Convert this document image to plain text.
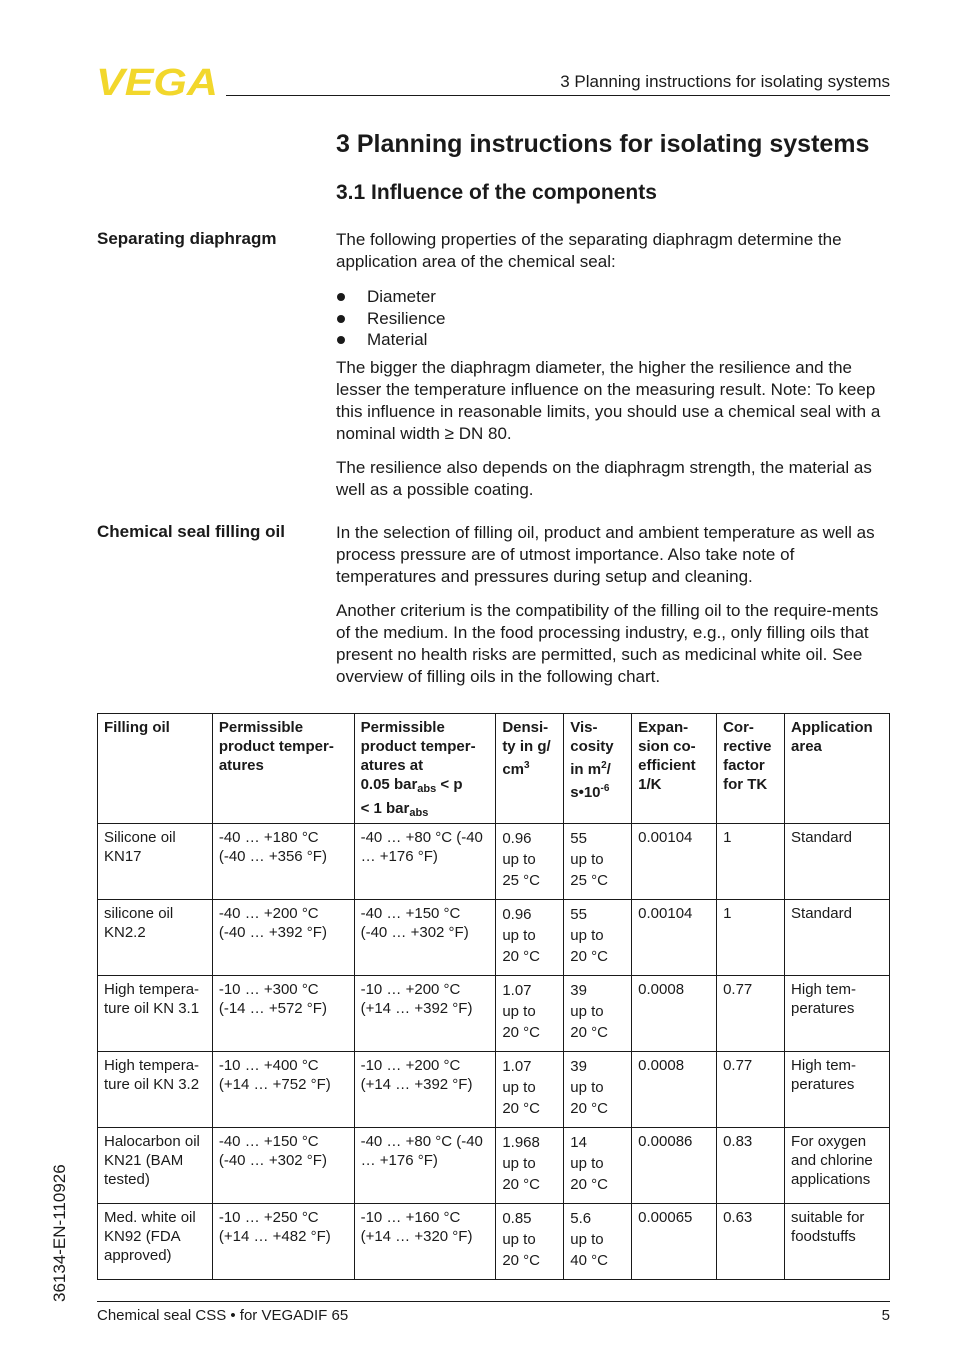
VEGA	3 Planning instructions for isolating systems
3 Planning instructions for isolating systems
3.1 Influence of the components
Separating diaphragm	The following properties of the separating diaphragm determine the application area of the chemical seal:

Diameter
Resilience
Material

The bigger the diaphragm diameter, the higher the resilience and the lesser the temperature influence on the measuring result. Note: To keep this influence in reasonable limits, you should use a chemical seal with a nominal width ≥ DN 80.

The resilience also depends on the diaphragm strength, the material as well as a possible coating.

Chemical seal filling oil	In the selection of filling oil, product and ambient temperature as well as process pressure are of utmost importance. Also take note of temperatures and pressures during setup and cleaning.

Another criterium is the compatibility of the filling oil to the require-ments of the medium. In the food processing industry, e.g., only filling oils that present no health risks are permitted, such as medicinal white oil. See overview of filling oils in the following chart.

Filling oil	Permissible product temper-atures	Permissible product temper-atures at
0.05 bar$_{abs}$ < p
< 1 bar$_{abs}$	Densi-ty in g/ $cm^3$	Vis-cosity in $m^2/$ $s•10^{-6}$	Expan-sion co-efficient 1/K	Cor-rective factor for TK	Application area
Silicone oil KN17	-40 … +180 °C (-40 … +356 °F)	-40 … +80 °C (-40 … +176 °F)	0.96
up to
25 °C	55
up to
25 °C	0.00104	1	Standard
silicone oil KN2.2	-40 … +200 °C (-40 … +392 °F)	-40 … +150 °C (-40 … +302 °F)	0.96
up to
20 °C	55
up to
20 °C	0.00104	1	Standard
High tempera-ture oil KN 3.1	-10 … +300 °C (-14 … +572 °F)	-10 … +200 °C (+14 … +392 °F)	1.07
up to
20 °C	39
up to
20 °C	0.0008	0.77	High tem-peratures
High tempera-ture oil KN 3.2	-10 … +400 °C (+14 … +752 °F)	-10 … +200 °C (+14 … +392 °F)	1.07
up to
20 °C	39
up to
20 °C	0.0008	0.77	High tem-peratures
Halocarbon oil KN21 (BAM tested)	-40 … +150 °C (-40 … +302 °F)	-40 … +80 °C (-40 … +176 °F)	1.968
up to
20 °C	14
up to
20 °C	0.00086	0.83	For oxygen and chlorine applications
Med. white oil KN92 (FDA approved)	-10 … +250 °C (+14 … +482 °F)	-10 … +160 °C (+14 … +320 °F)	0.85
up to
20 °C	5.6
up to
40 °C	0.00065	0.63	suitable for foodstuffs
36134-EN-110926
Chemical seal CSS • for VEGADIF 65	5
